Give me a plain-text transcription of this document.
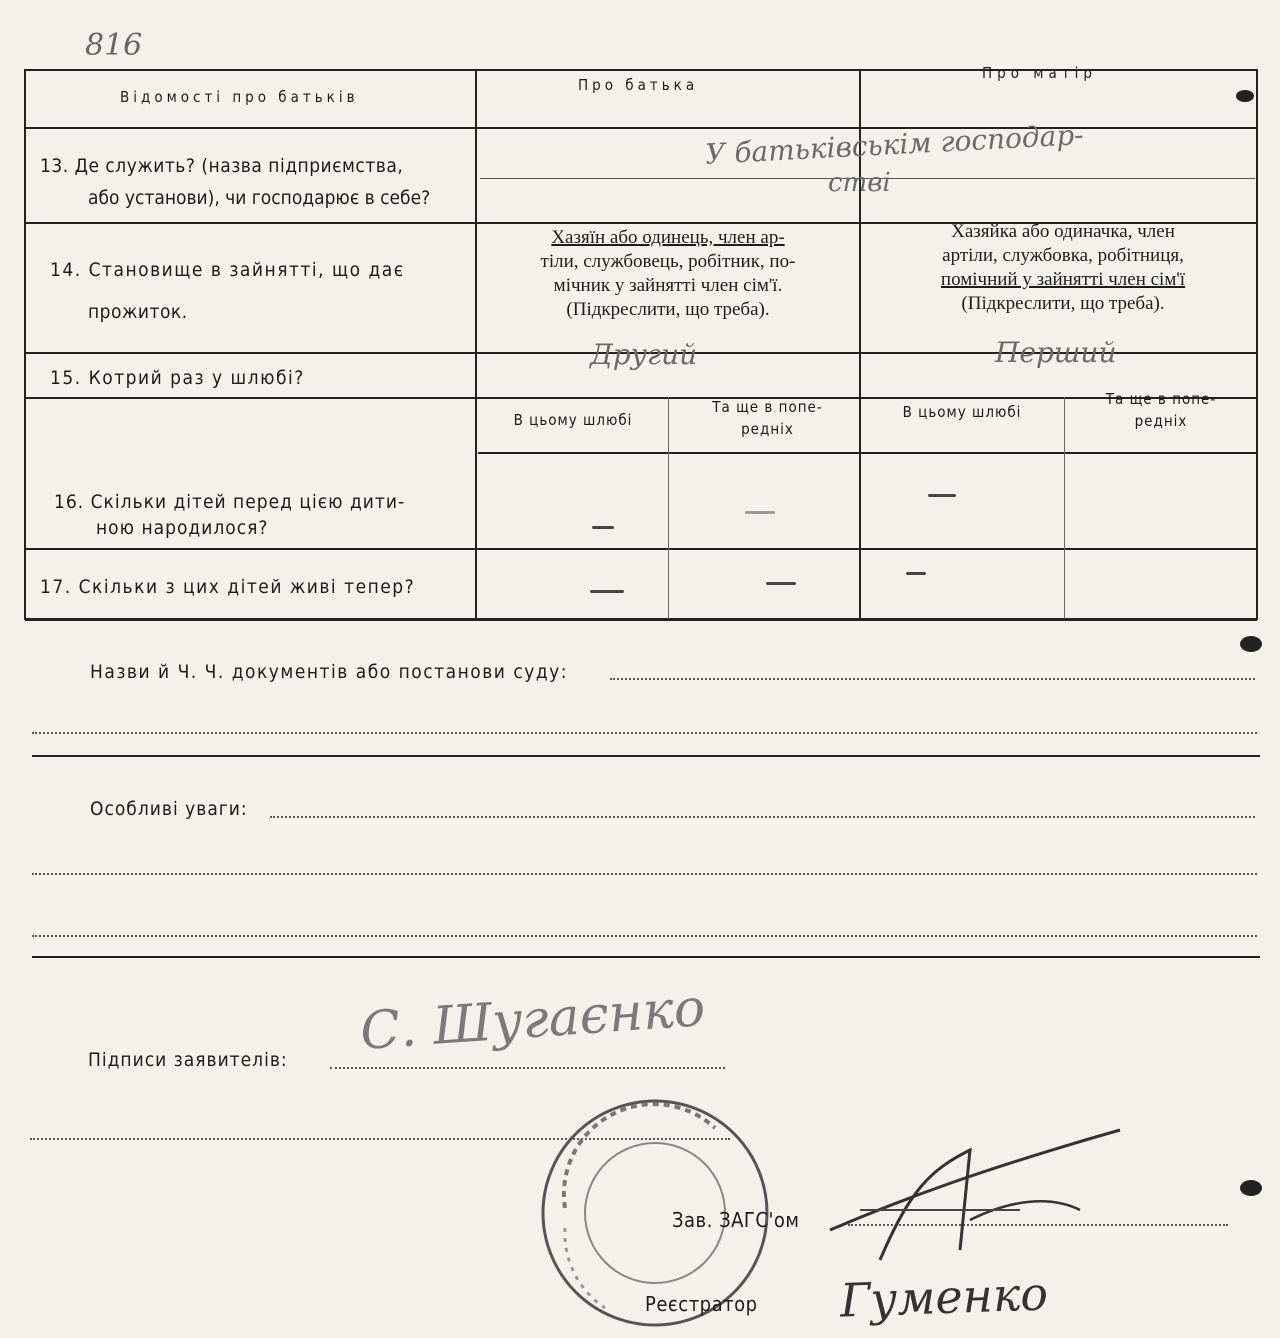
816
Відомості про батьків
Про батька
Про матір
13. Де служить? (назва підприємства,
або установи), чи господарює в себе?
У батьківськім господар-
стві
14. Становище в зайнятті, що дає
прожиток.
Хазяїн або одинець, член ар-
тіли, службовець, робітник, по-
мічник у зайнятті член сім'ї.
(Підкреслити, що треба).
Хазяйка або одиначка, член
артіли, службовка, робітниця,
помічний у зайнятті член сім'ї
(Підкреслити, що треба).
15. Котрий раз у шлюбі?
Другий	Перший
В цьому шлюбі
Та ще в попе-
редніх
В цьому шлюбі
Та ще в попе-
редніх
16. Скільки дітей перед цією дити-
ною народилося?
17. Скільки з цих дітей живі тепер?
Назви й Ч. Ч. документів або постанови суду:
Особливі уваги:
Підписи заявителів: С. Шугаєнко
Зав. ЗАГС'ом
Реєстратор Гуменко
